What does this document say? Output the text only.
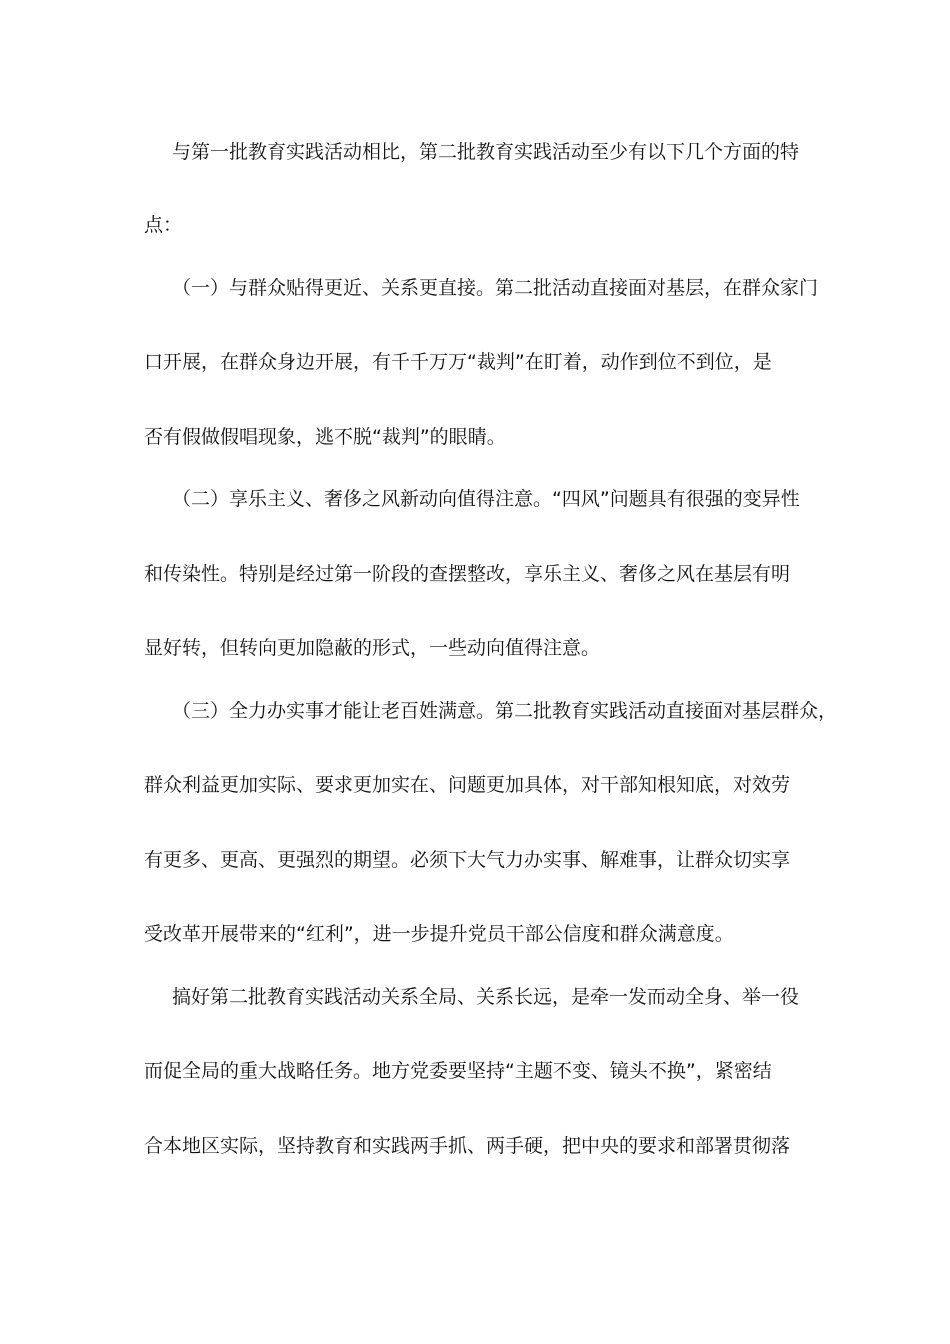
与第一批教育实践活动相比，第二批教育实践活动至少有以下几个方面的特
点：
（一）与群众贴得更近、关系更直接。第二批活动直接面对基层，在群众家门
口开展，在群众身边开展，有千千万万“裁判”在盯着，动作到位不到位，是
否有假做假唱现象，逃不脱“裁判”的眼睛。
（二）享乐主义、奢侈之风新动向值得注意。“四风”问题具有很强的变异性
和传染性。特别是经过第一阶段的查摆整改，享乐主义、奢侈之风在基层有明
显好转，但转向更加隐蔽的形式，一些动向值得注意。
（三）全力办实事才能让老百姓满意。第二批教育实践活动直接面对基层群众，
群众利益更加实际、要求更加实在、问题更加具体，对干部知根知底，对效劳
有更多、更高、更强烈的期望。必须下大气力办实事、解难事，让群众切实享
受改革开展带来的“红利”，进一步提升党员干部公信度和群众满意度。
搞好第二批教育实践活动关系全局、关系长远，是牵一发而动全身、举一役
而促全局的重大战略任务。地方党委要坚持“主题不变、镜头不换”，紧密结
合本地区实际，坚持教育和实践两手抓、两手硬，把中央的要求和部署贯彻落
